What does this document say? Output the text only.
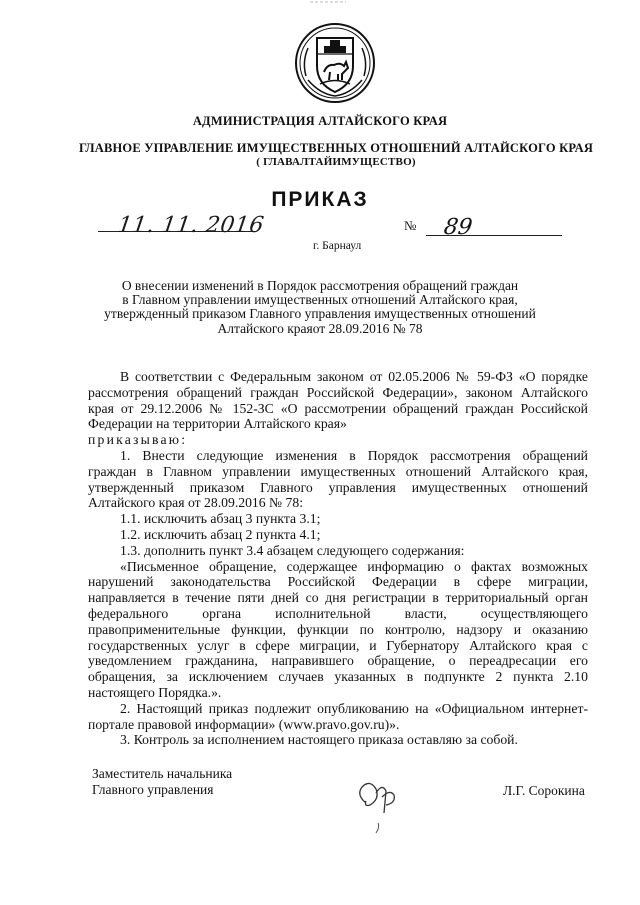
АДМИНИСТРАЦИЯ АЛТАЙСКОГО КРАЯ
ГЛАВНОЕ УПРАВЛЕНИЕ ИМУЩЕСТВЕННЫХ ОТНОШЕНИЙ АЛТАЙСКОГО КРАЯ
( ГЛАВАЛТАЙИМУЩЕСТВО)
ПРИКАЗ
11. 11. 2016	№ 89
г. Барнаул
О внесении изменений в Порядок рассмотрения обращений граждан
в Главном управлении имущественных отношений Алтайского края,
утвержденный приказом Главного управления имущественных отношений
Алтайского краяот 28.09.2016 № 78
В соответствии с Федеральным законом от 02.05.2006 № 59-ФЗ «О порядке
рассмотрения обращений граждан Российской Федерации», законом Алтайского
края от 29.12.2006 № 152-ЗС «О рассмотрении обращений граждан Российской
Федерации на территории Алтайского края»
приказываю:
1. Внести следующие изменения в Порядок рассмотрения обращений
граждан в Главном управлении имущественных отношений Алтайского края,
утвержденный приказом Главного управления имущественных отношений
Алтайского края от 28.09.2016 № 78:
1.1. исключить абзац 3 пункта 3.1;
1.2. исключить абзац 2 пункта 4.1;
1.3. дополнить пункт 3.4 абзацем следующего содержания:
«Письменное обращение, содержащее информацию о фактах возможных
нарушений законодательства Российской Федерации в сфере миграции,
направляется в течение пяти дней со дня регистрации в территориальный орган
федерального органа исполнительной власти, осуществляющего
правоприменительные функции, функции по контролю, надзору и оказанию
государственных услуг в сфере миграции, и Губернатору Алтайского края с
уведомлением гражданина, направившего обращение, о переадресации его
обращения, за исключением случаев указанных в подпункте 2 пункта 2.10
настоящего Порядка.».
2. Настоящий приказ подлежит опубликованию на «Официальном интернет-
портале правовой информации» (www.pravo.gov.ru)».
3. Контроль за исполнением настоящего приказа оставляю за собой.
Заместитель начальника
Главного управления	Л.Г. Сорокина
